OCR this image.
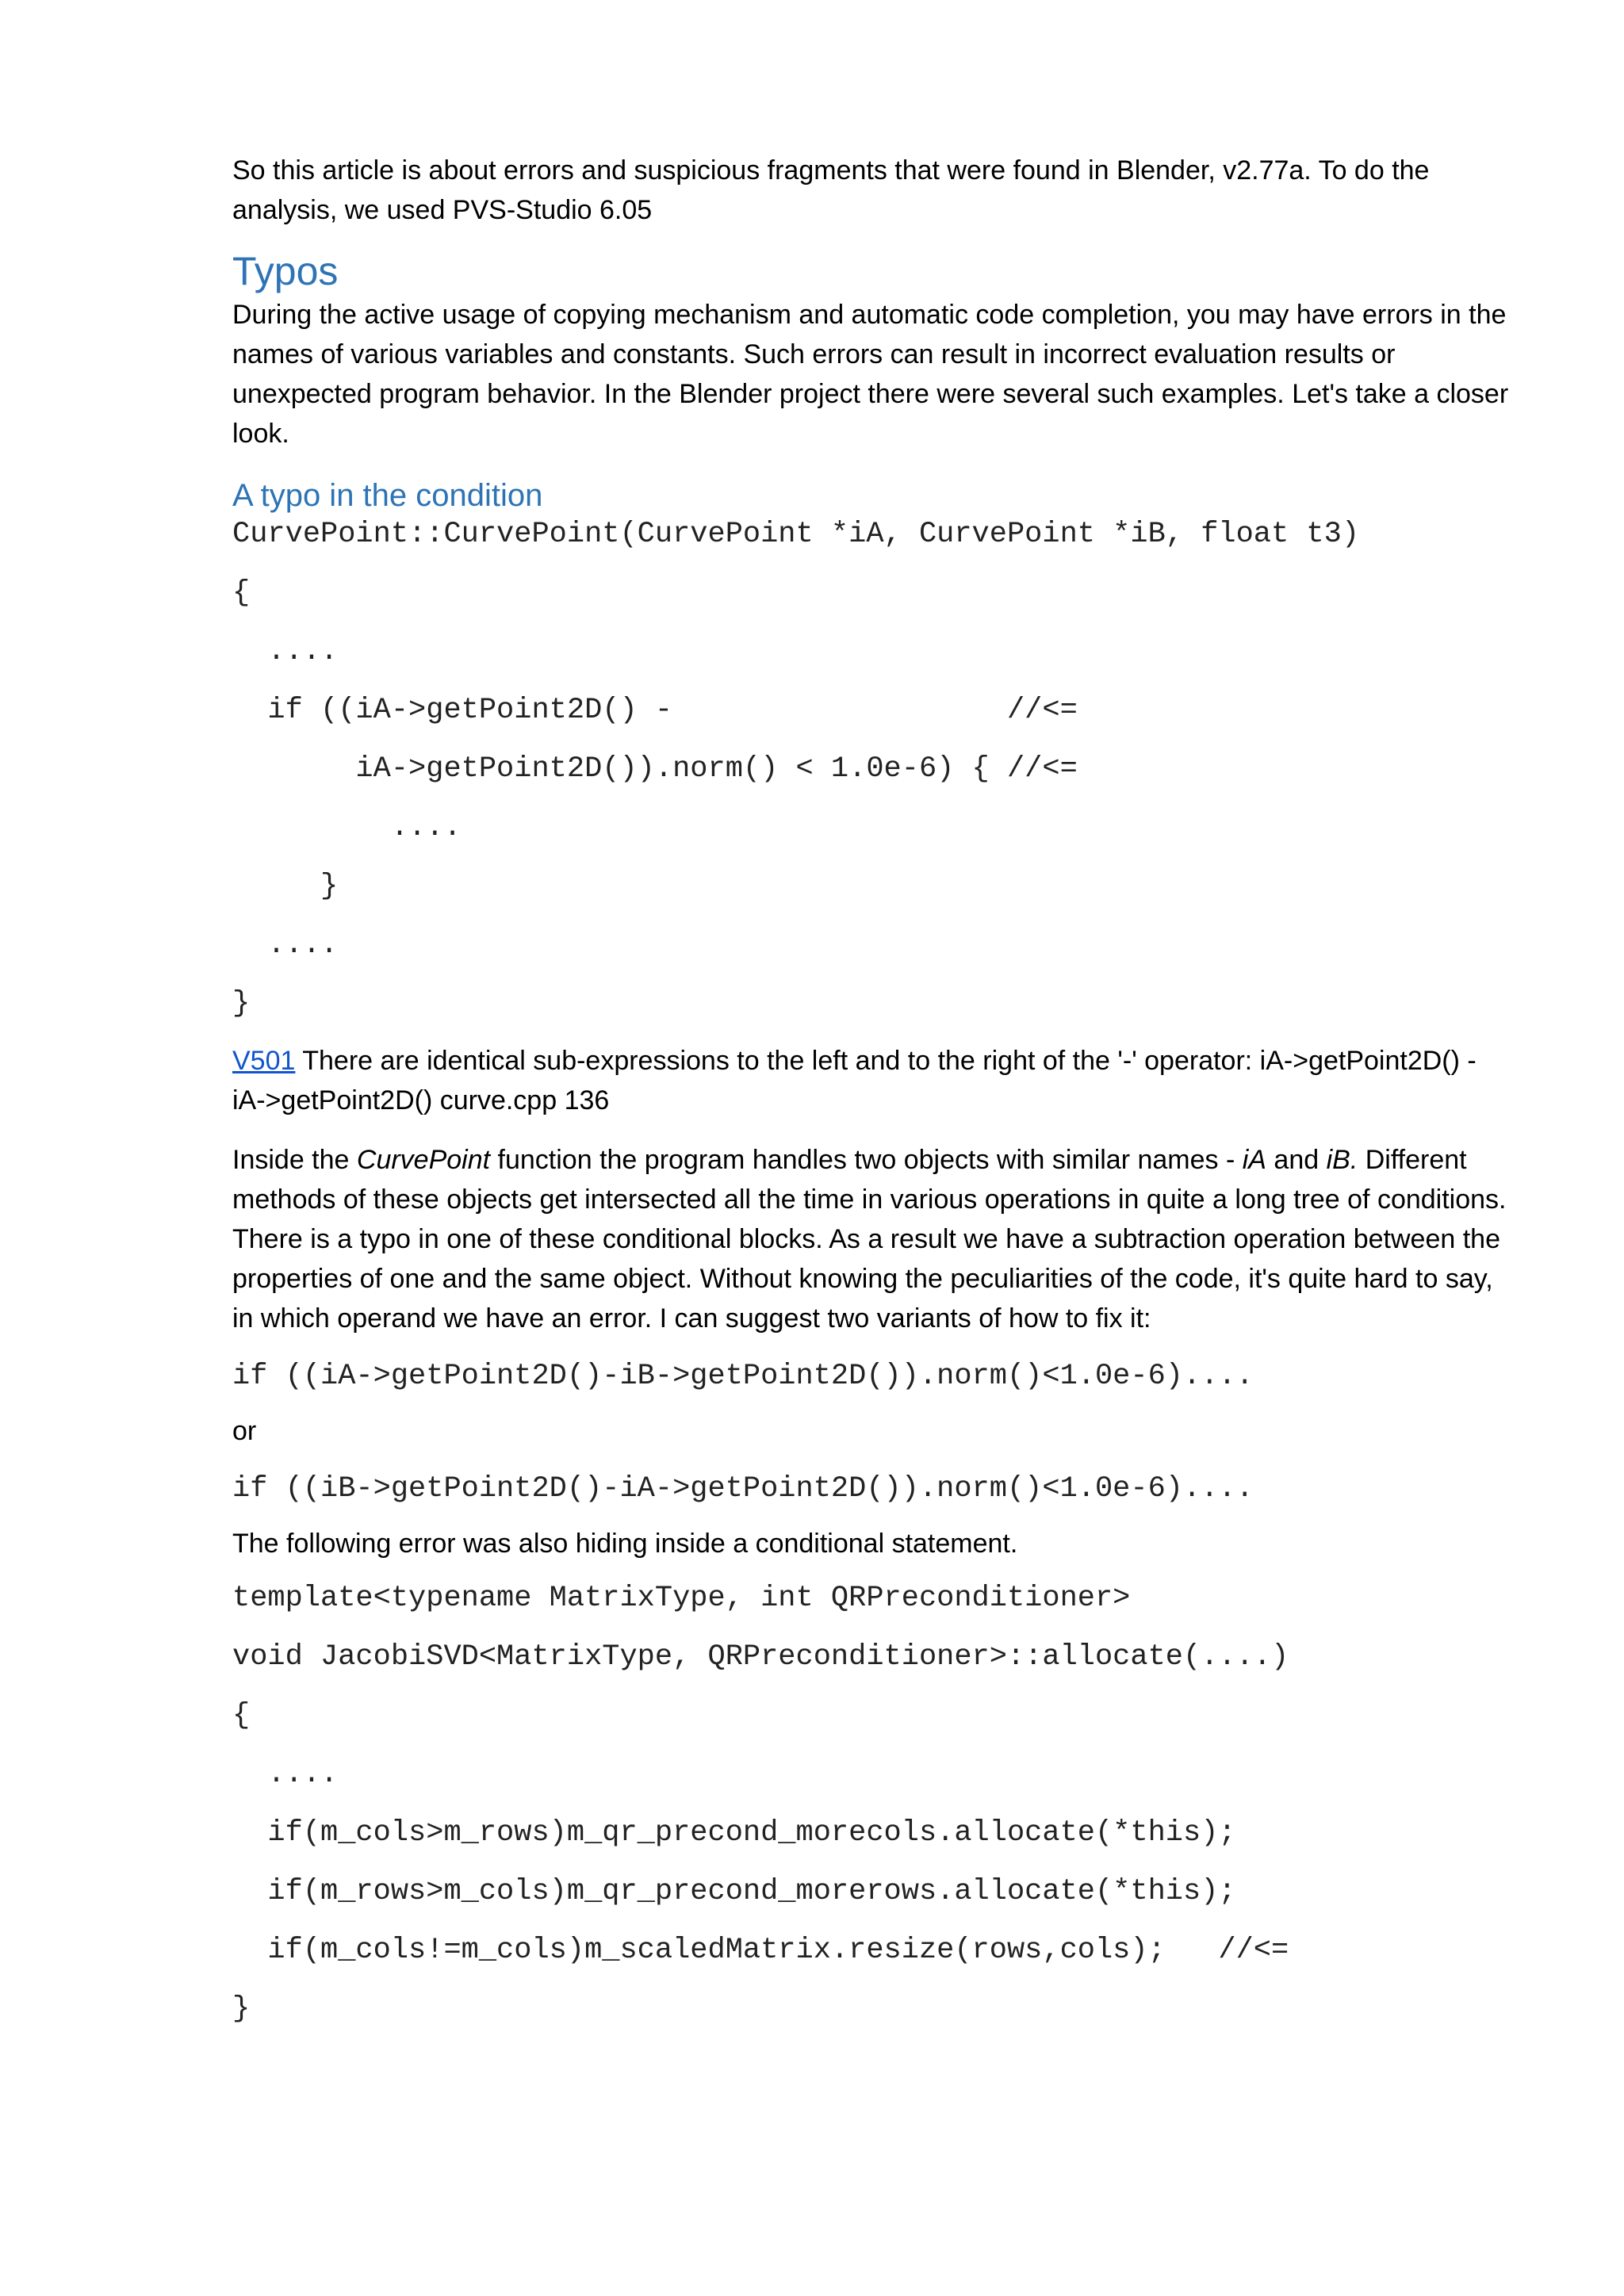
So this article is about errors and suspicious fragments that were found in Blender, v2.77a. To do the analysis, we used PVS-Studio 6.05

Typos

During the active usage of copying mechanism and automatic code completion, you may have errors in the names of various variables and constants. Such errors can result in incorrect evaluation results or unexpected program behavior. In the Blender project there were several such examples. Let's take a closer look.

A typo in the condition
CurvePoint::CurvePoint(CurvePoint *iA, CurvePoint *iB, float t3)
{
....
if ((iA->getPoint2D() -                   //<=
iA->getPoint2D()).norm() < 1.0e-6) { //<=
....
}
....
}

V501 There are identical sub-expressions to the left and to the right of the '-' operator: iA->getPoint2D() - iA->getPoint2D() curve.cpp 136

Inside the CurvePoint function the program handles two objects with similar names - iA and iB. Different methods of these objects get intersected all the time in various operations in quite a long tree of conditions. There is a typo in one of these conditional blocks. As a result we have a subtraction operation between the properties of one and the same object. Without knowing the peculiarities of the code, it's quite hard to say, in which operand we have an error. I can suggest two variants of how to fix it:

if ((iA->getPoint2D()-iB->getPoint2D()).norm()<1.0e-6)....

or

if ((iB->getPoint2D()-iA->getPoint2D()).norm()<1.0e-6)....

The following error was also hiding inside a conditional statement.

template<typename MatrixType, int QRPreconditioner>
void JacobiSVD<MatrixType, QRPreconditioner>::allocate(....)
{
....
if(m_cols>m_rows)m_qr_precond_morecols.allocate(*this);
if(m_rows>m_cols)m_qr_precond_morerows.allocate(*this);
if(m_cols!=m_cols)m_scaledMatrix.resize(rows,cols);   //<=
}
